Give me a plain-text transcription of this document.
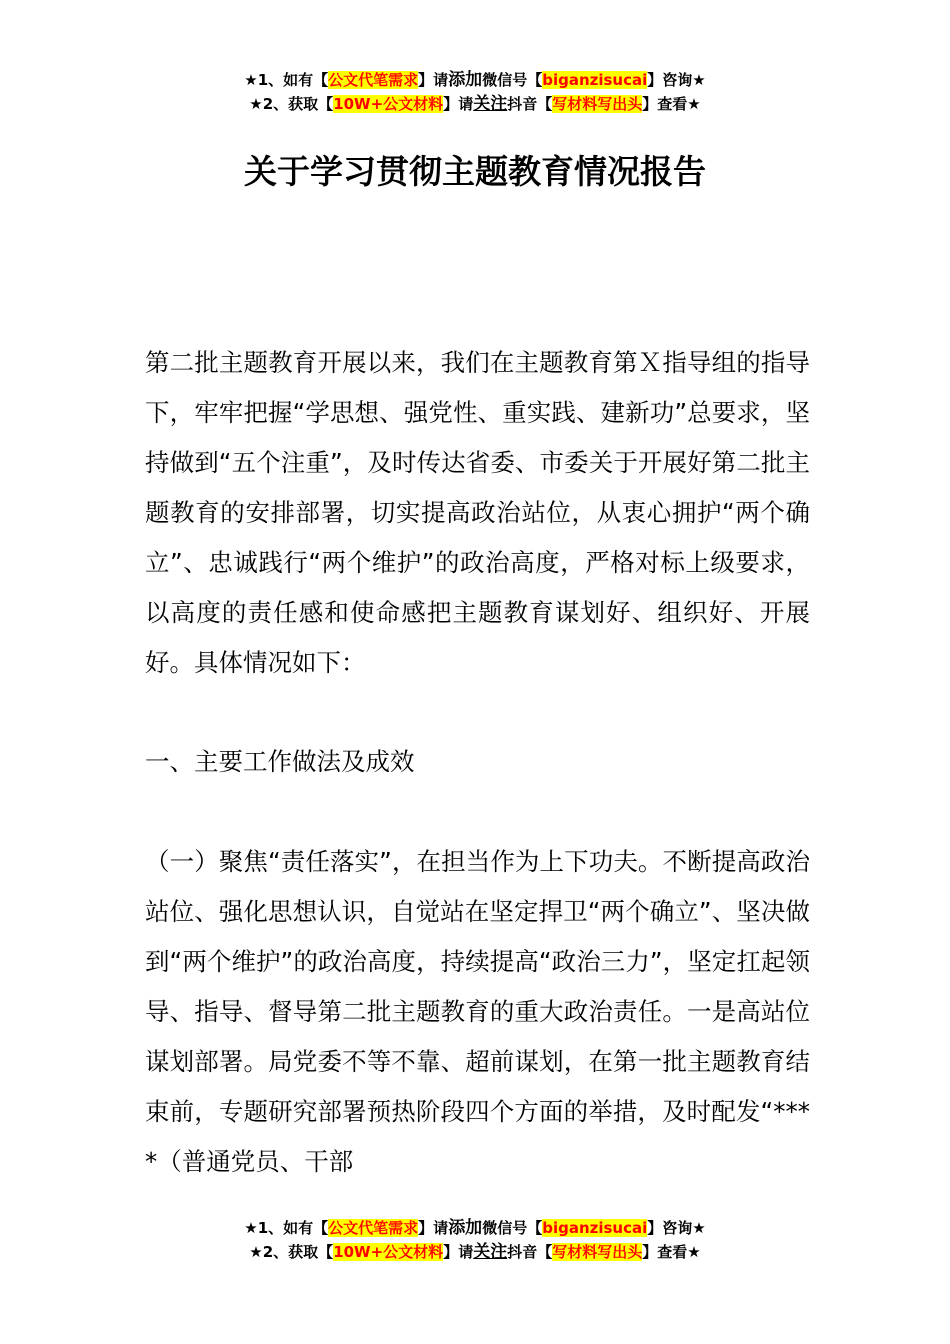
★1、如有【公文代笔需求】请添加微信号【biganzisucai】咨询★
★2、获取【10W+公文材料】请关注抖音【写材料写出头】查看★
关于学习贯彻主题教育情况报告

第二批主题教育开展以来，我们在主题教育第Ｘ指导组的指导下，牢牢把握“学思想、强党性、重实践、建新功”总要求，坚持做到“五个注重”，及时传达省委、市委关于开展好第二批主题教育的安排部署，切实提高政治站位，从衷心拥护“两个确立”、忠诚践行“两个维护”的政治高度，严格对标上级要求，以高度的责任感和使命感把主题教育谋划好、组织好、开展好。具体情况如下：

一、主要工作做法及成效

（一）聚焦“责任落实”，在担当作为上下功夫。不断提高政治站位、强化思想认识，自觉站在坚定捍卫“两个确立”、坚决做到“两个维护”的政治高度，持续提高“政治三力”，坚定扛起领导、指导、督导第二批主题教育的重大政治责任。一是高站位谋划部署。局党委不等不靠、超前谋划，在第一批主题教育结束前，专题研究部署预热阶段四个方面的举措，及时配发“****（普通党员、干部

★1、如有【公文代笔需求】请添加微信号【biganzisucai】咨询★
★2、获取【10W+公文材料】请关注抖音【写材料写出头】查看★
